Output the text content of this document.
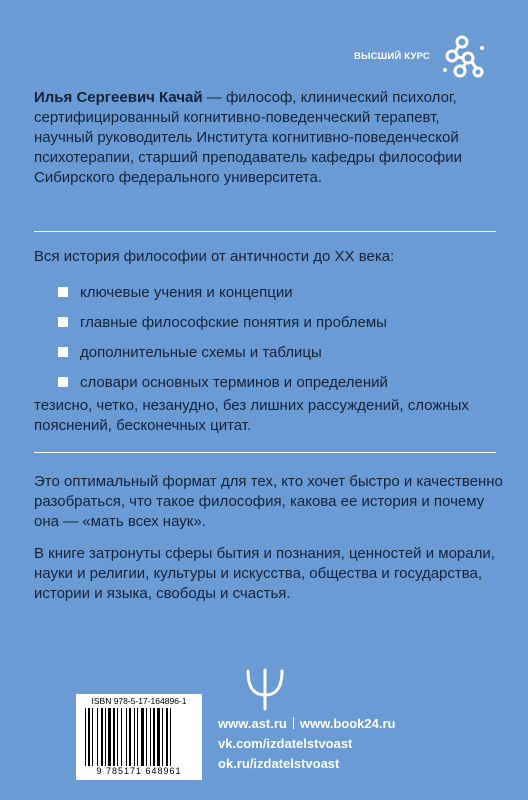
ВЫСШИЙ КУРС

Илья Сергеевич Качай — философ, клинический психолог, сертифицированный когнитивно-поведенческий терапевт, научный руководитель Института когнитивно-поведенческой психотерапии, старший преподаватель кафедры философии Сибирского федерального университета.

Вся история философии от античности до XX века:

ключевые учения и концепции
главные философские понятия и проблемы
дополнительные схемы и таблицы
словари основных терминов и определений

тезисно, четко, незанудно, без лишних рассуждений, сложных пояснений, бесконечных цитат.

Это оптимальный формат для тех, кто хочет быстро и качественно разобраться, что такое философия, какова ее история и почему она — «мать всех наук».

В книге затронуты сферы бытия и познания, ценностей и морали, науки и религии, культуры и искусства, общества и государства, истории и языка, свободы и счастья.

ISBN 978-5-17-164896-1

9 785171 648961

www.ast.ru www.book24.ru
vk.com/izdatelstvoast
ok.ru/izdatelstvoast
